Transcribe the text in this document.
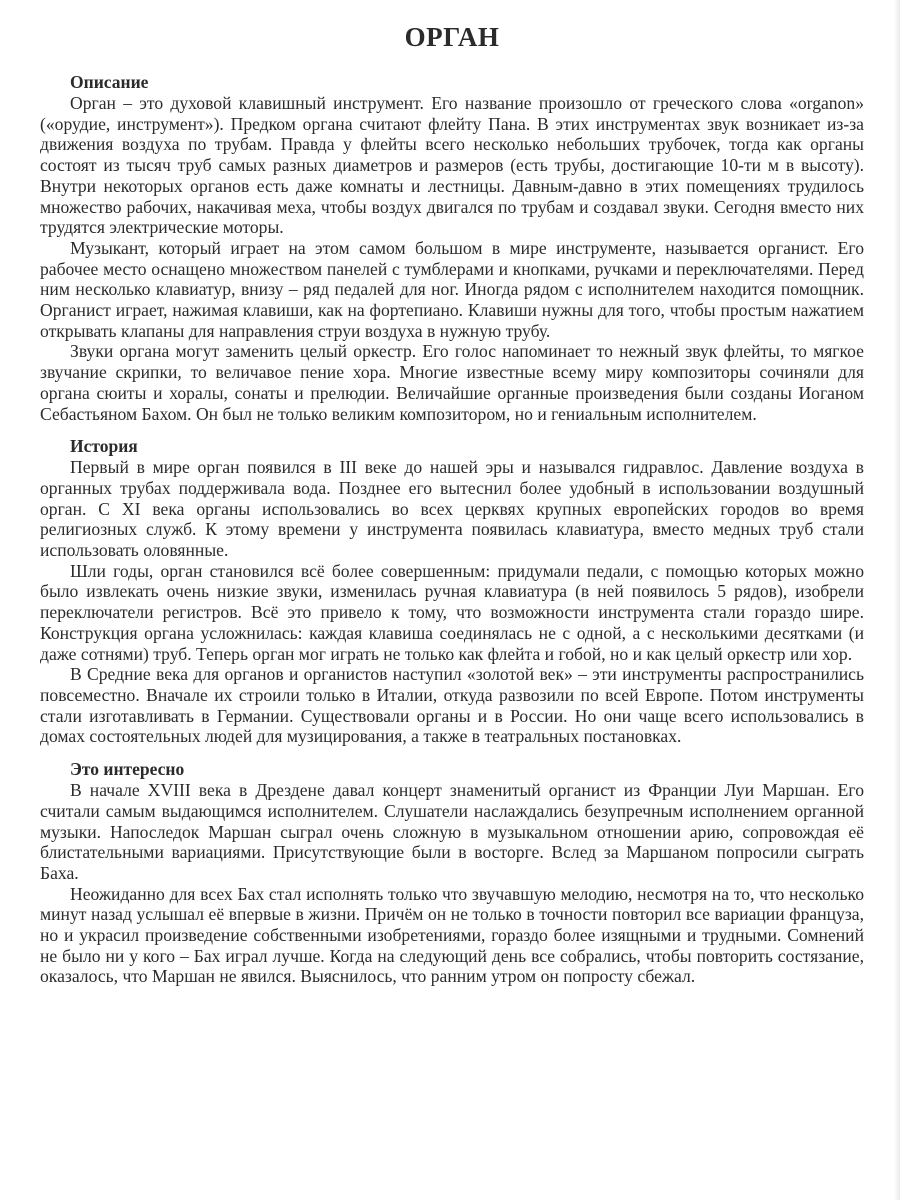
ОРГАН
Описание

Орган – это духовой клавишный инструмент. Его название произошло от греческого слова «organon» («орудие, инструмент»). Предком органа считают флейту Пана. В этих инструментах звук возникает из-за движения воздуха по трубам. Правда у флейты всего несколько небольших трубочек, тогда как органы состоят из тысяч труб самых разных диаметров и размеров (есть трубы, достигающие 10-ти м в высоту). Внутри некоторых органов есть даже комнаты и лестницы. Давным-давно в этих помещениях трудилось множество рабочих, накачивая меха, чтобы воздух двигался по трубам и создавал звуки. Сегодня вместо них трудятся электрические моторы.

Музыкант, который играет на этом самом большом в мире инструменте, называется органист. Его рабочее место оснащено множеством панелей с тумблерами и кнопками, ручками и переключателями. Перед ним несколько клавиатур, внизу – ряд педалей для ног. Иногда рядом с исполнителем находится помощник. Органист играет, нажимая клавиши, как на фортепиано. Клавиши нужны для того, чтобы простым нажатием открывать клапаны для направления струи воздуха в нужную трубу.

Звуки органа могут заменить целый оркестр. Его голос напоминает то нежный звук флейты, то мягкое звучание скрипки, то величавое пение хора. Многие известные всему миру композиторы сочиняли для органа сюиты и хоралы, сонаты и прелюдии. Величайшие органные произведения были созданы Иоганом Себастьяном Бахом. Он был не только великим композитором, но и гениальным исполнителем.

История

Первый в мире орган появился в III веке до нашей эры и назывался гидравлос. Давление воздуха в органных трубах поддерживала вода. Позднее его вытеснил более удобный в использовании воздушный орган. С XI века органы использовались во всех церквях крупных европейских городов во время религиозных служб. К этому времени у инструмента появилась клавиатура, вместо медных труб стали использовать оловянные.

Шли годы, орган становился всё более совершенным: придумали педали, с помощью которых можно было извлекать очень низкие звуки, изменилась ручная клавиатура (в ней появилось 5 рядов), изобрели переключатели регистров. Всё это привело к тому, что возможности инструмента стали гораздо шире. Конструкция органа усложнилась: каждая клавиша соединялась не с одной, а с несколькими десятками (и даже сотнями) труб. Теперь орган мог играть не только как флейта и гобой, но и как целый оркестр или хор.

В Средние века для органов и органистов наступил «золотой век» – эти инструменты распространились повсеместно. Вначале их строили только в Италии, откуда развозили по всей Европе. Потом инструменты стали изготавливать в Германии. Существовали органы и в России. Но они чаще всего использовались в домах состоятельных людей для музицирования, а также в театральных постановках.

Это интересно

В начале XVIII века в Дрездене давал концерт знаменитый органист из Франции Луи Маршан. Его считали самым выдающимся исполнителем. Слушатели наслаждались безупречным исполнением органной музыки. Напоследок Маршан сыграл очень сложную в музыкальном отношении арию, сопровождая её блистательными вариациями. Присутствующие были в восторге. Вслед за Маршаном попросили сыграть Баха.

Неожиданно для всех Бах стал исполнять только что звучавшую мелодию, несмотря на то, что несколько минут назад услышал её впервые в жизни. Причём он не только в точности повторил все вариации француза, но и украсил произведение собственными изобретениями, гораздо более изящными и трудными. Сомнений не было ни у кого – Бах играл лучше. Когда на следующий день все собрались, чтобы повторить состязание, оказалось, что Маршан не явился. Выяснилось, что ранним утром он попросту сбежал.
